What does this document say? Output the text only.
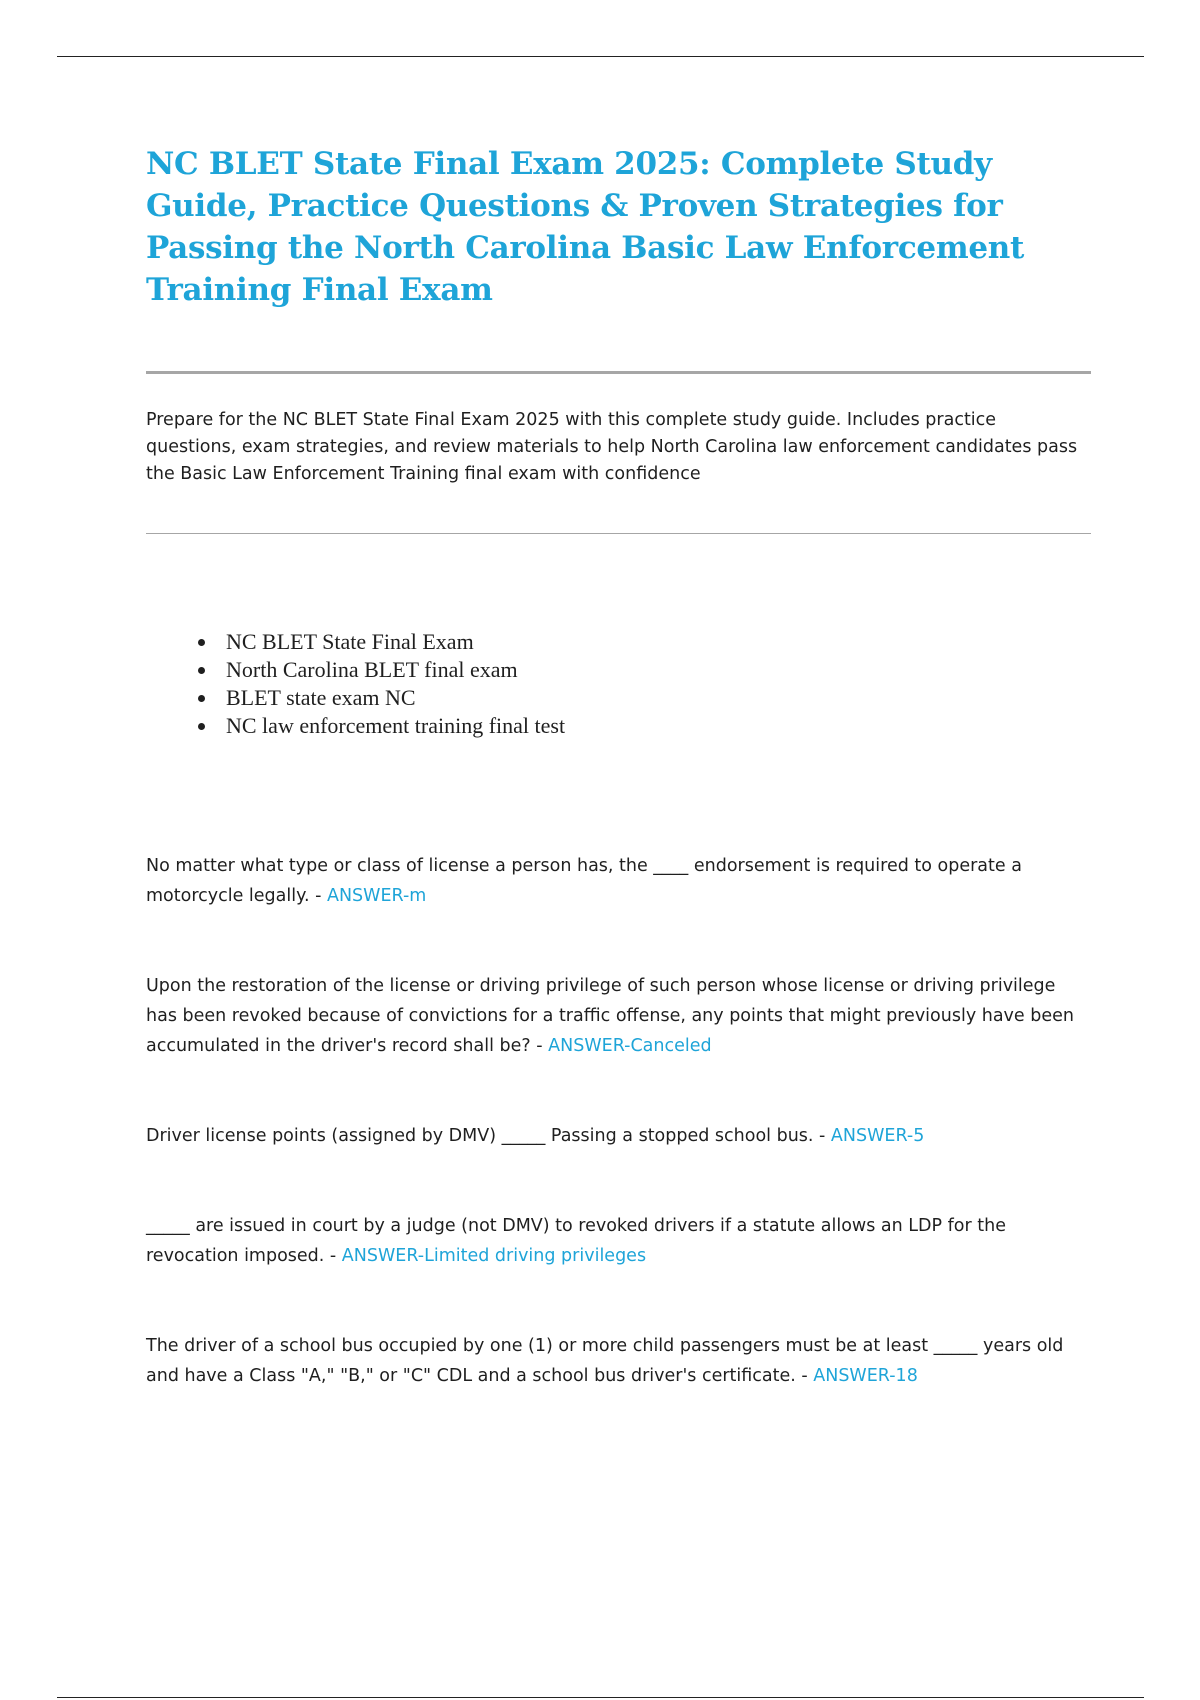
NC BLET State Final Exam 2025: Complete Study Guide, Practice Questions & Proven Strategies for Passing the North Carolina Basic Law Enforcement Training Final Exam

Prepare for the NC BLET State Final Exam 2025 with this complete study guide. Includes practice questions, exam strategies, and review materials to help North Carolina law enforcement candidates pass the Basic Law Enforcement Training final exam with confidence

• NC BLET State Final Exam
• North Carolina BLET final exam
• BLET state exam NC
• NC law enforcement training final test

No matter what type or class of license a person has, the ____ endorsement is required to operate a motorcycle legally. - ANSWER-m

Upon the restoration of the license or driving privilege of such person whose license or driving privilege has been revoked because of convictions for a traffic offense, any points that might previously have been accumulated in the driver's record shall be? - ANSWER-Canceled

Driver license points (assigned by DMV) _____ Passing a stopped school bus. - ANSWER-5

_____ are issued in court by a judge (not DMV) to revoked drivers if a statute allows an LDP for the revocation imposed. - ANSWER-Limited driving privileges

The driver of a school bus occupied by one (1) or more child passengers must be at least _____ years old and have a Class "A," "B," or "C" CDL and a school bus driver's certificate. - ANSWER-18
